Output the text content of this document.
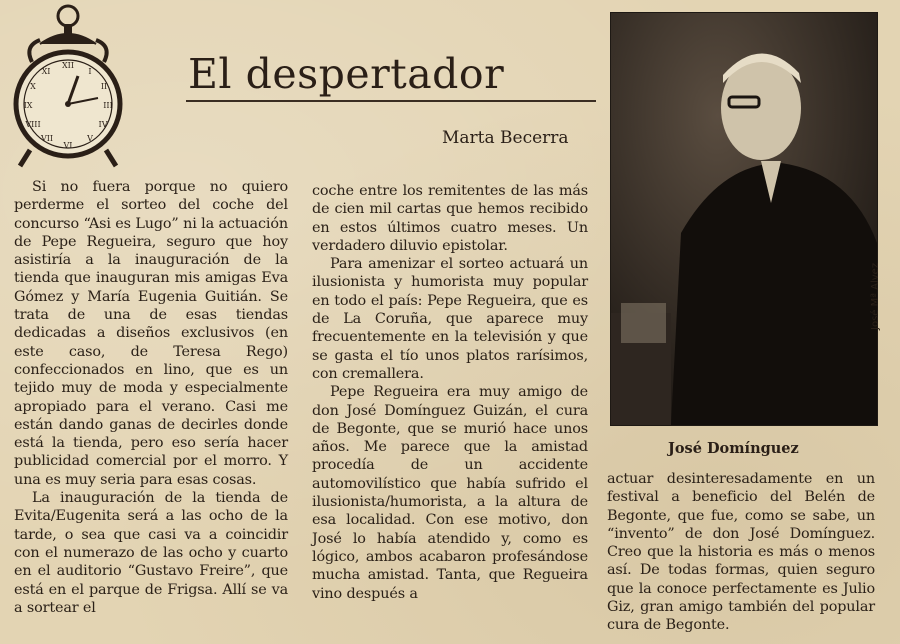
XII
I
II
III
IV
V
VI
VII
VIII
IX
X
XI	El despertador
Marta Becerra

Si no fuera porque no quiero perderme el sorteo del coche del concurso “Asi es Lugo” ni la actuación de Pepe Regueira, seguro que hoy asistiría a la inauguración de la tienda que inauguran mis amigas Eva Gómez y María Eugenia Guitián. Se trata de una de esas tiendas dedicadas a diseños exclusivos (en este caso, de Teresa Rego) confeccionados en lino, que es un tejido muy de moda y especialmente apropiado para el verano. Casi me están dando ganas de decirles donde está la tienda, pero eso sería hacer publicidad comercial por el morro. Y una es muy seria para esas cosas.

La inauguración de la tienda de Evita/Eugenita será a las ocho de la tarde, o sea que casi va a coincidir con el numerazo de las ocho y cuarto en el auditorio “Gustavo Freire”, que está en el parque de Frigsa. Allí se va a sortear el

coche entre los remitentes de las más de cien mil cartas que hemos recibido en estos últimos cuatro meses. Un verdadero diluvio epistolar.

Para amenizar el sorteo actuará un ilusionista y humorista muy popular en todo el país: Pepe Regueira, que es de La Coruña, que aparece muy frecuentemente en la televisión y que se gasta el tío unos platos rarísimos, con cremallera.

Pepe Regueira era muy amigo de don José Domínguez Guizán, el cura de Begonte, que se murió hace unos años. Me parece que la amistad procedía de un accidente automovilístico que había sufrido el ilusionista/humorista, a la altura de esa localidad. Con ese motivo, don José lo había atendido y, como es lógico, ambos acabaron profesándose mucha amistad. Tanta, que Regueira vino después a

actuar desinteresadamente en un festival a beneficio del Belén de Begonte, que fue, como se sabe, un “invento” de don José Domínguez. Creo que la historia es más o menos así. De todas formas, quien seguro que la conoce perfectamente es Julio Giz, gran amigo también del popular cura de Begonte.

José Mª Alvez
José Domínguez
